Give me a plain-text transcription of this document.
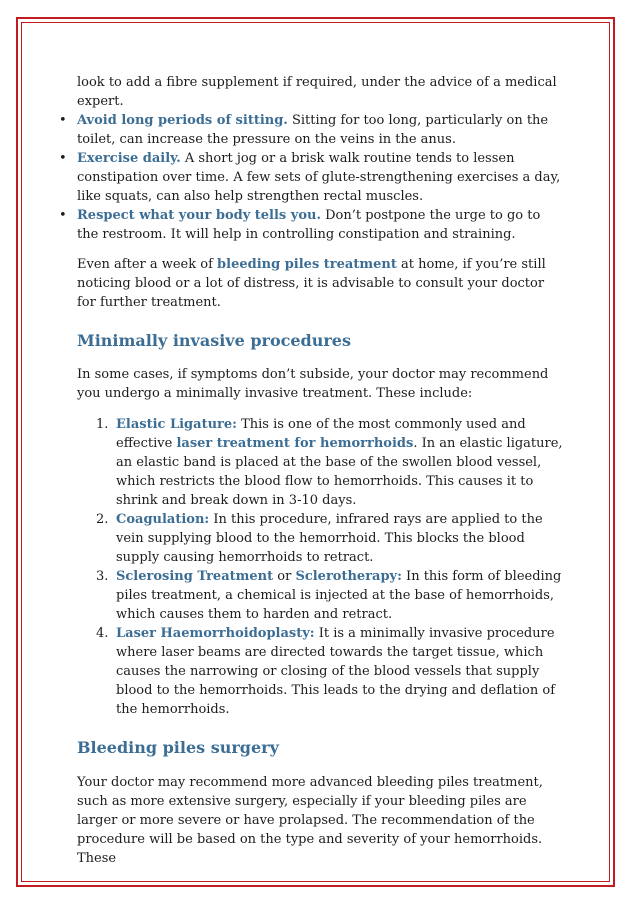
look to add a fibre supplement if required, under the advice of a medical expert.

• Avoid long periods of sitting. Sitting for too long, particularly on the toilet, can increase the pressure on the veins in the anus.
• Exercise daily. A short jog or a brisk walk routine tends to lessen constipation over time. A few sets of glute-strengthening exercises a day, like squats, can also help strengthen rectal muscles.
• Respect what your body tells you. Don’t postpone the urge to go to the restroom. It will help in controlling constipation and straining.

Even after a week of bleeding piles treatment at home, if you’re still noticing blood or a lot of distress, it is advisable to consult your doctor for further treatment.

Minimally invasive procedures

In some cases, if symptoms don’t subside, your doctor may recommend you undergo a minimally invasive treatment. These include:

1. Elastic Ligature: This is one of the most commonly used and effective laser treatment for hemorrhoids. In an elastic ligature, an elastic band is placed at the base of the swollen blood vessel, which restricts the blood flow to hemorrhoids. This causes it to shrink and break down in 3-10 days.
2. Coagulation: In this procedure, infrared rays are applied to the vein supplying blood to the hemorrhoid. This blocks the blood supply causing hemorrhoids to retract.
3. Sclerosing Treatment or Sclerotherapy: In this form of bleeding piles treatment, a chemical is injected at the base of hemorrhoids, which causes them to harden and retract.
4. Laser Haemorrhoidoplasty: It is a minimally invasive procedure where laser beams are directed towards the target tissue, which causes the narrowing or closing of the blood vessels that supply blood to the hemorrhoids. This leads to the drying and deflation of the hemorrhoids.
Bleeding piles surgery

Your doctor may recommend more advanced bleeding piles treatment, such as more extensive surgery, especially if your bleeding piles are larger or more severe or have prolapsed. The recommendation of the procedure will be based on the type and severity of your hemorrhoids. These
